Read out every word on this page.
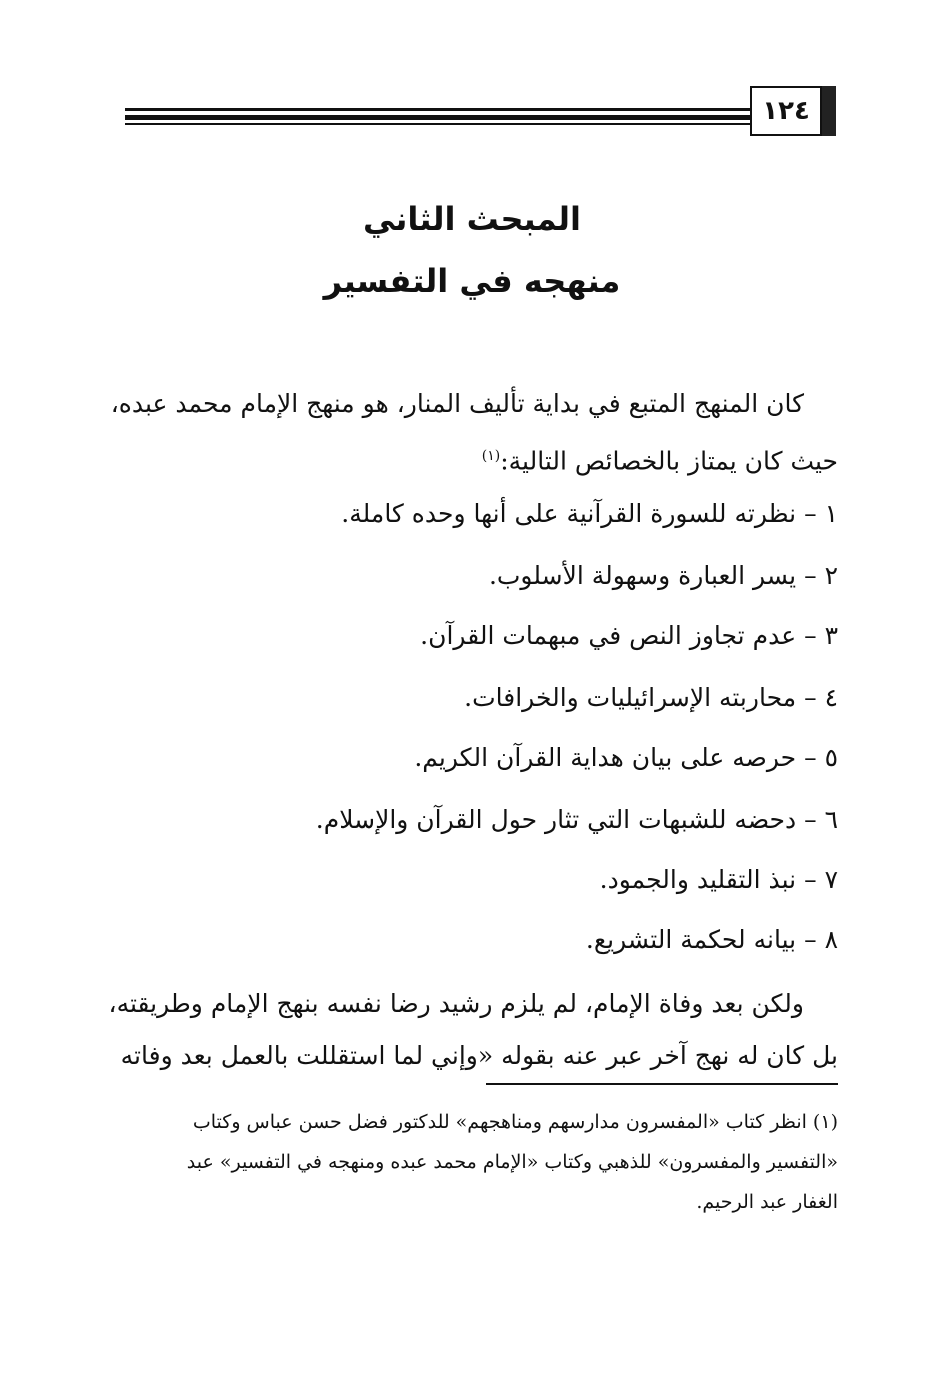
١٢٤
المبحث الثاني
منهجه في التفسير
كان المنهج المتبع في بداية تأليف المنار، هو منهج الإمام محمد عبده،
حيث كان يمتاز بالخصائص التالية:$^{(١)}$
١ –نظرته للسورة القرآنية على أنها وحده كاملة.
٢ –يسر العبارة وسهولة الأسلوب.
٣ –عدم تجاوز النص في مبهمات القرآن.
٤ –محاربته الإسرائيليات والخرافات.
٥ –حرصه على بيان هداية القرآن الكريم.
٦ –دحضه للشبهات التي تثار حول القرآن والإسلام.
٧ –نبذ التقليد والجمود.
٨ –بيانه لحكمة التشريع.
ولكن بعد وفاة الإمام، لم يلزم رشيد رضا نفسه بنهج الإمام وطريقته،
بل كان له نهج آخر عبر عنه بقوله «وإني لما استقللت بالعمل بعد وفاته
(١) انظر كتاب «المفسرون مدارسهم ومناهجهم» للدكتور فضل حسن عباس وكتاب
«التفسير والمفسرون» للذهبي وكتاب «الإمام محمد عبده ومنهجه في التفسير» عبد
الغفار عبد الرحيم.
